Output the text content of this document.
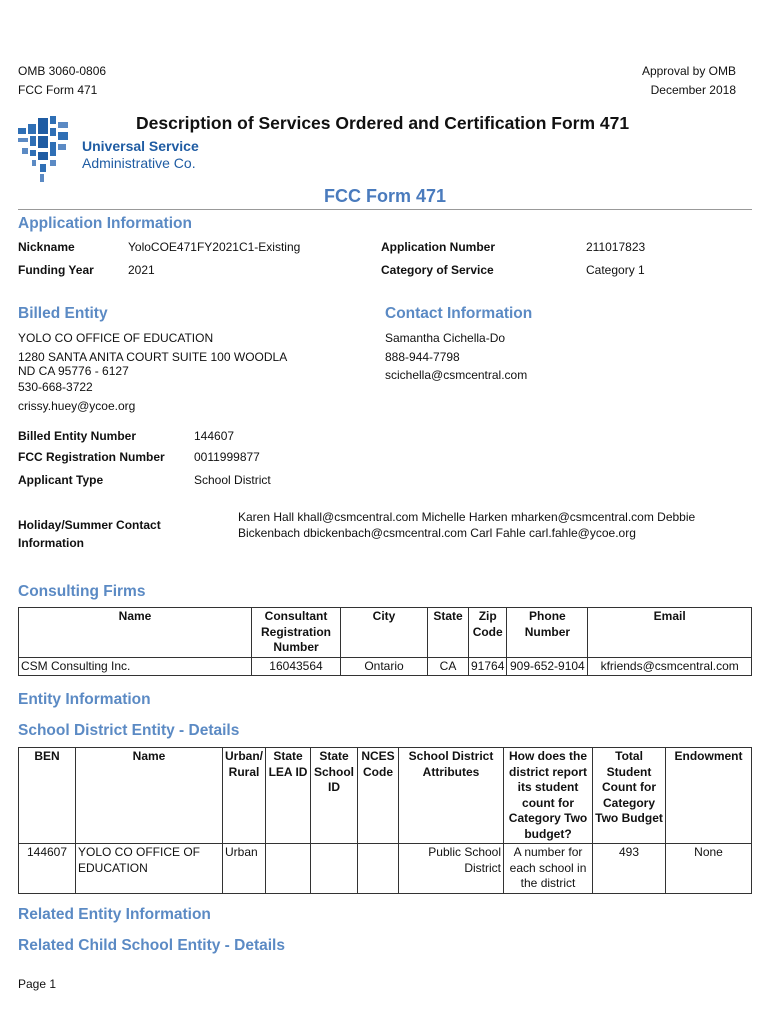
OMB 3060-0806
FCC Form 471
Approval by OMB
December 2018
Universal Service
Administrative Co.
Description of Services Ordered and Certification Form 471
FCC Form 471
Application Information
Nickname	YoloCOE471FY2021C1-Existing
Funding Year	2021
Application Number	211017823
Category of Service	Category 1
Billed Entity
YOLO CO OFFICE OF EDUCATION
1280 SANTA ANITA COURT SUITE 100 WOODLA
ND CA 95776 - 6127
530-668-3722
crissy.huey@ycoe.org
Contact Information
Samantha Cichella-Do
888-944-7798
scichella@csmcentral.com
Billed Entity Number	144607
FCC Registration Number 0011999877
Applicant Type	School District
Holiday/Summer Contact
Information
Karen Hall khall@csmcentral.com Michelle Harken mharken@csmcentral.com Debbie
Bickenbach dbickenbach@csmcentral.com Carl Fahle carl.fahle@ycoe.org
Consulting Firms
Name	Consultant Registration Number	City	State	Zip Code	Phone Number	Email
CSM Consulting Inc.	16043564	Ontario	CA	91764	909-652-9104	kfriends@csmcentral.com
Entity Information
School District Entity - Details
BEN	Name	Urban/ Rural	State LEA ID	State School ID	NCES Code	School District Attributes	How does the district report its student count for Category Two budget?	Total Student Count for Category Two Budget	Endowment
144607	YOLO CO OFFICE OF EDUCATION	Urban				Public School District	A number for each school in the district	493	None
Related Entity Information
Related Child School Entity - Details
Page 1
